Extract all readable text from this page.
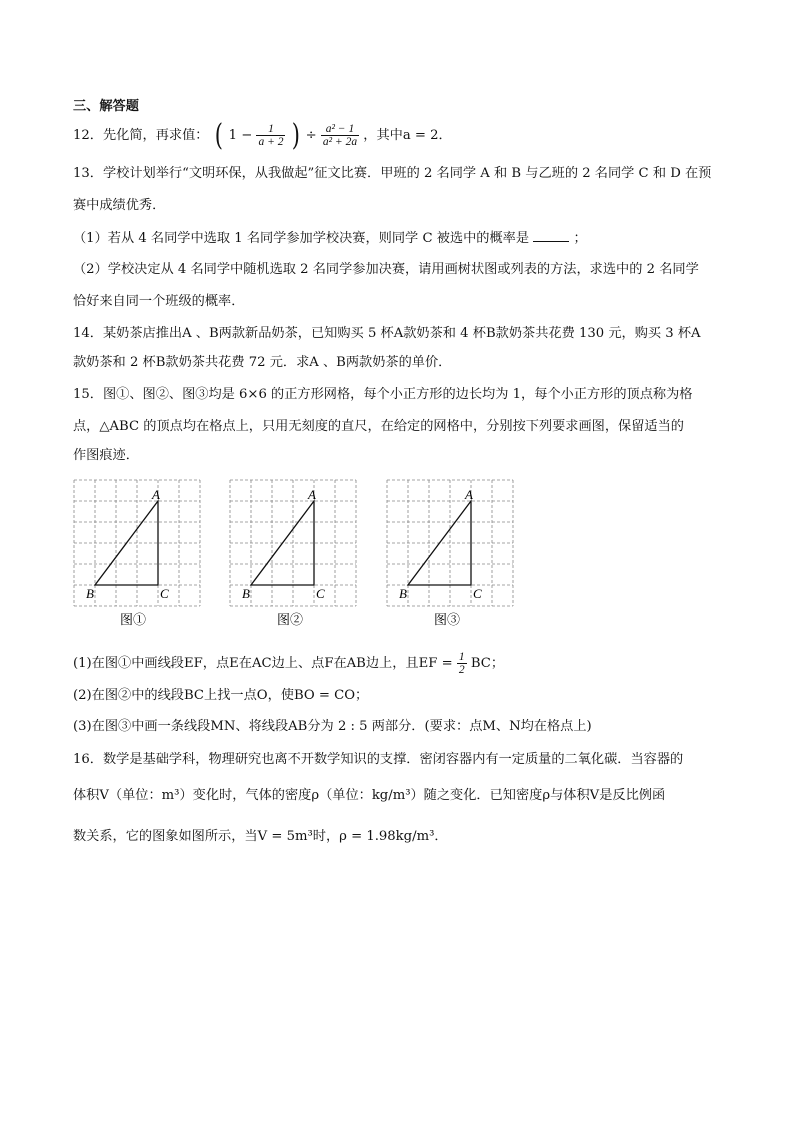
三、解答题
12．先化简，再求值： ( $1 - \frac{1}{a + 2}$ ) ÷ $\frac{\text{a² − 1}}{\text{a² + 2a}}$ ，其中a = 2．
13．学校计划举行“文明环保，从我做起”征文比赛．甲班的 2 名同学 A 和 B 与乙班的 2 名同学 C 和 D 在预
赛中成绩优秀．
（1）若从 4 名同学中选取 1 名同学参加学校决赛，则同学 C 被选中的概率是	；
（2）学校决定从 4 名同学中随机选取 2 名同学参加决赛，请用画树状图或列表的方法，求选中的 2 名同学
恰好来自同一个班级的概率．
14．某奶茶店推出A 、B两款新品奶茶，已知购买 5 杯A款奶茶和 4 杯B款奶茶共花费 130 元，购买 3 杯A
款奶茶和 2 杯B款奶茶共花费 72 元．求A 、B两款奶茶的单价．
15．图①、图②、图③均是 6×6 的正方形网格，每个小正方形的边长均为 1，每个小正方形的顶点称为格
点，△ABC 的顶点均在格点上，只用无刻度的直尺，在给定的网格中，分别按下列要求画图，保留适当的
作图痕迹．
A
B	C
图①
A
B	C
图②
A
B	C
图③
(1)在图①中画线段EF，点E在AC边上、点F在AB边上，且EF = $\frac{1}{2}$ BC；
(2)在图②中的线段BC上找一点O，使BO = CO；
(3)在图③中画一条线段MN、将线段AB分为 2 : 5 两部分．(要求：点M、N均在格点上)
16．数学是基础学科，物理研究也离不开数学知识的支撑．密闭容器内有一定质量的二氧化碳．当容器的
体积V（单位：m³）变化时，气体的密度ρ（单位：kg/m³）随之变化．已知密度ρ与体积V是反比例函
数关系，它的图象如图所示，当V = 5m³时，ρ = 1.98kg/m³．
